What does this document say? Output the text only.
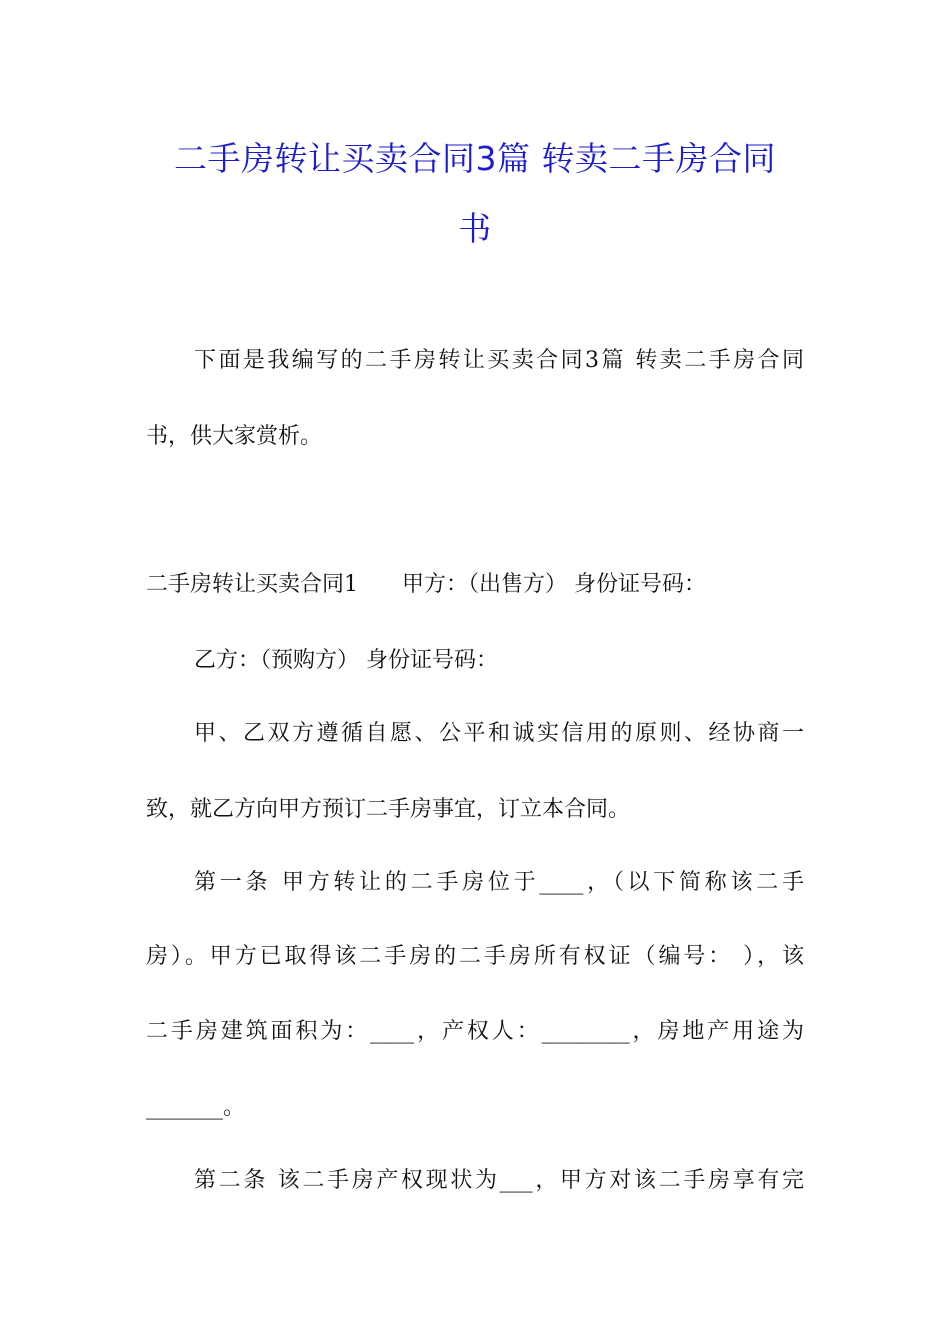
二手房转让买卖合同3篇 转卖二手房合同
书
下面是我编写的二手房转让买卖合同3篇 转卖二手房合同
书，供大家赏析。
二手房转让买卖合同1　　甲方：（出售方） 身份证号码：
乙方：（预购方） 身份证号码：
甲、乙双方遵循自愿、公平和诚实信用的原则、经协商一
致，就乙方向甲方预订二手房事宜，订立本合同。
第一条 甲方转让的二手房位于____，（以下简称该二手
房）。甲方已取得该二手房的二手房所有权证（编号： ），该
二手房建筑面积为：____，产权人：________，房地产用途为
_______。
第二条 该二手房产权现状为___，甲方对该二手房享有完
